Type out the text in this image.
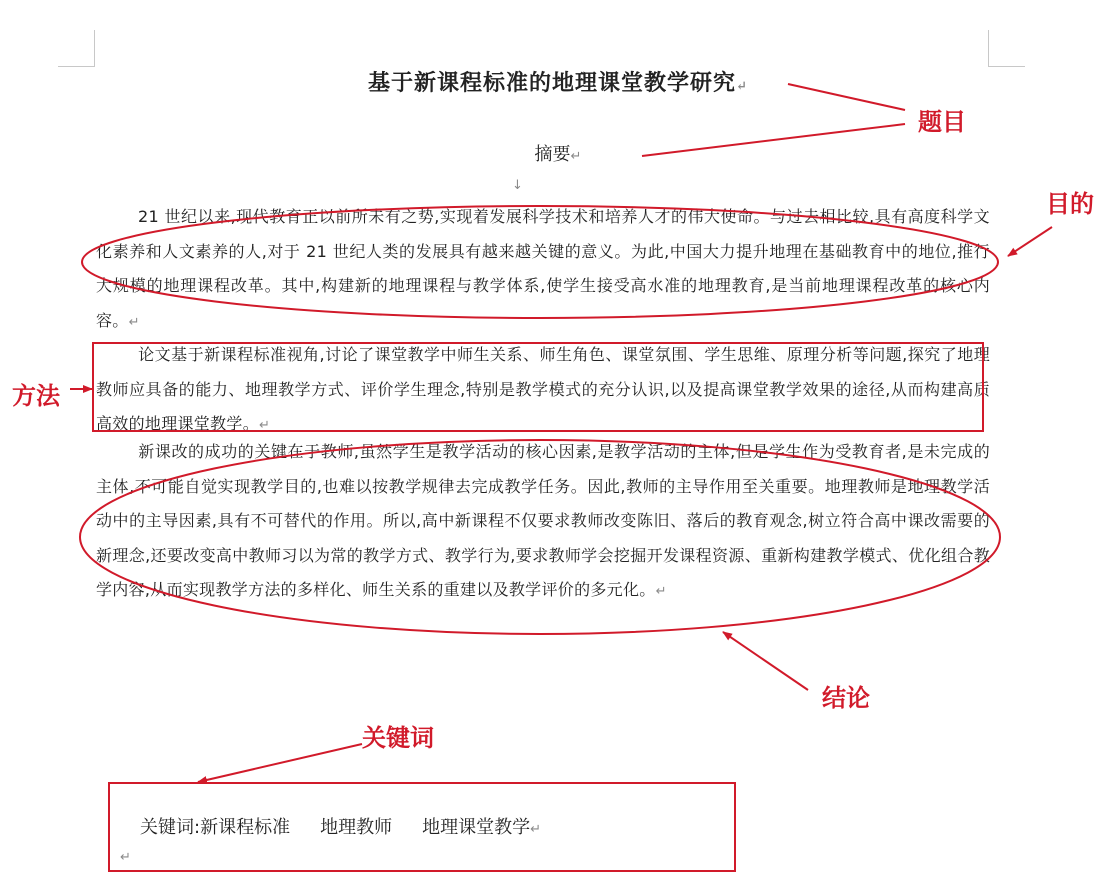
基于新课程标准的地理课堂教学研究↵
摘要↵
↓
21 世纪以来,现代教育正以前所未有之势,实现着发展科学技术和培养人才的伟大使命。与过去相比较,具有高度科学文化素养和人文素养的人,对于 21 世纪人类的发展具有越来越关键的意义。为此,中国大力提升地理在基础教育中的地位,推行大规模的地理课程改革。其中,构建新的地理课程与教学体系,使学生接受高水准的地理教育,是当前地理课程改革的核心内容。↵
论文基于新课程标准视角,讨论了课堂教学中师生关系、师生角色、课堂氛围、学生思维、原理分析等问题,探究了地理教师应具备的能力、地理教学方式、评价学生理念,特别是教学模式的充分认识,以及提高课堂教学效果的途径,从而构建高质高效的地理课堂教学。↵
新课改的成功的关键在于教师,虽然学生是教学活动的核心因素,是教学活动的主体,但是学生作为受教育者,是未完成的主体,不可能自觉实现教学目的,也难以按教学规律去完成教学任务。因此,教师的主导作用至关重要。地理教师是地理教学活动中的主导因素,具有不可替代的作用。所以,高中新课程不仅要求教师改变陈旧、落后的教育观念,树立符合高中课改需要的新理念,还要改变高中教师习以为常的教学方式、教学行为,要求教师学会挖掘开发课程资源、重新构建教学模式、优化组合教学内容,从而实现教学方法的多样化、师生关系的重建以及教学评价的多元化。↵
关键词:新课程标准 地理教师 地理课堂教学↵
↵
题目
目的
方法
结论
关键词
